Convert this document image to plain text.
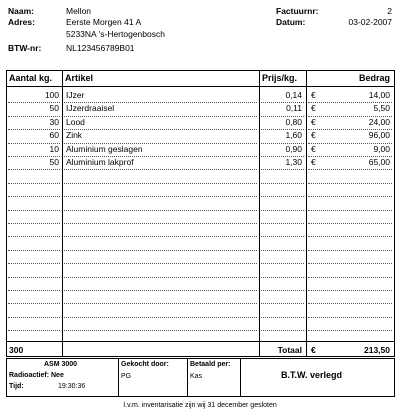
Naam:	Mellon
Adres:	Eerste Morgen 41 A
5233NA 's-Hertogenbosch
BTW-nr:	NL123456789B01
Factuurnr:	2
Datum:	03-02-2007
Aantal kg. Artikel	Prijs/kg.	Bedrag
100 IJzer	0,14 €	14,00
50 IJzerdraaisel	0,11 €	5,50
30 Lood	0,80 €	24,00
60 Zink	1,60 €	96,00
10 Aluminium geslagen	0,90 €	9,00
50 Aluminium lakprof	1,30 €	65,00
300	Totaal €	213,50
ASM 3000
Radioactief: Nee
Tijd:	19:30:36
Gekocht door:
PG
Betaald per:
Kas	B.T.W. verlegd
I.v.m. inventarisatie zijn wij 31 december gesloten
